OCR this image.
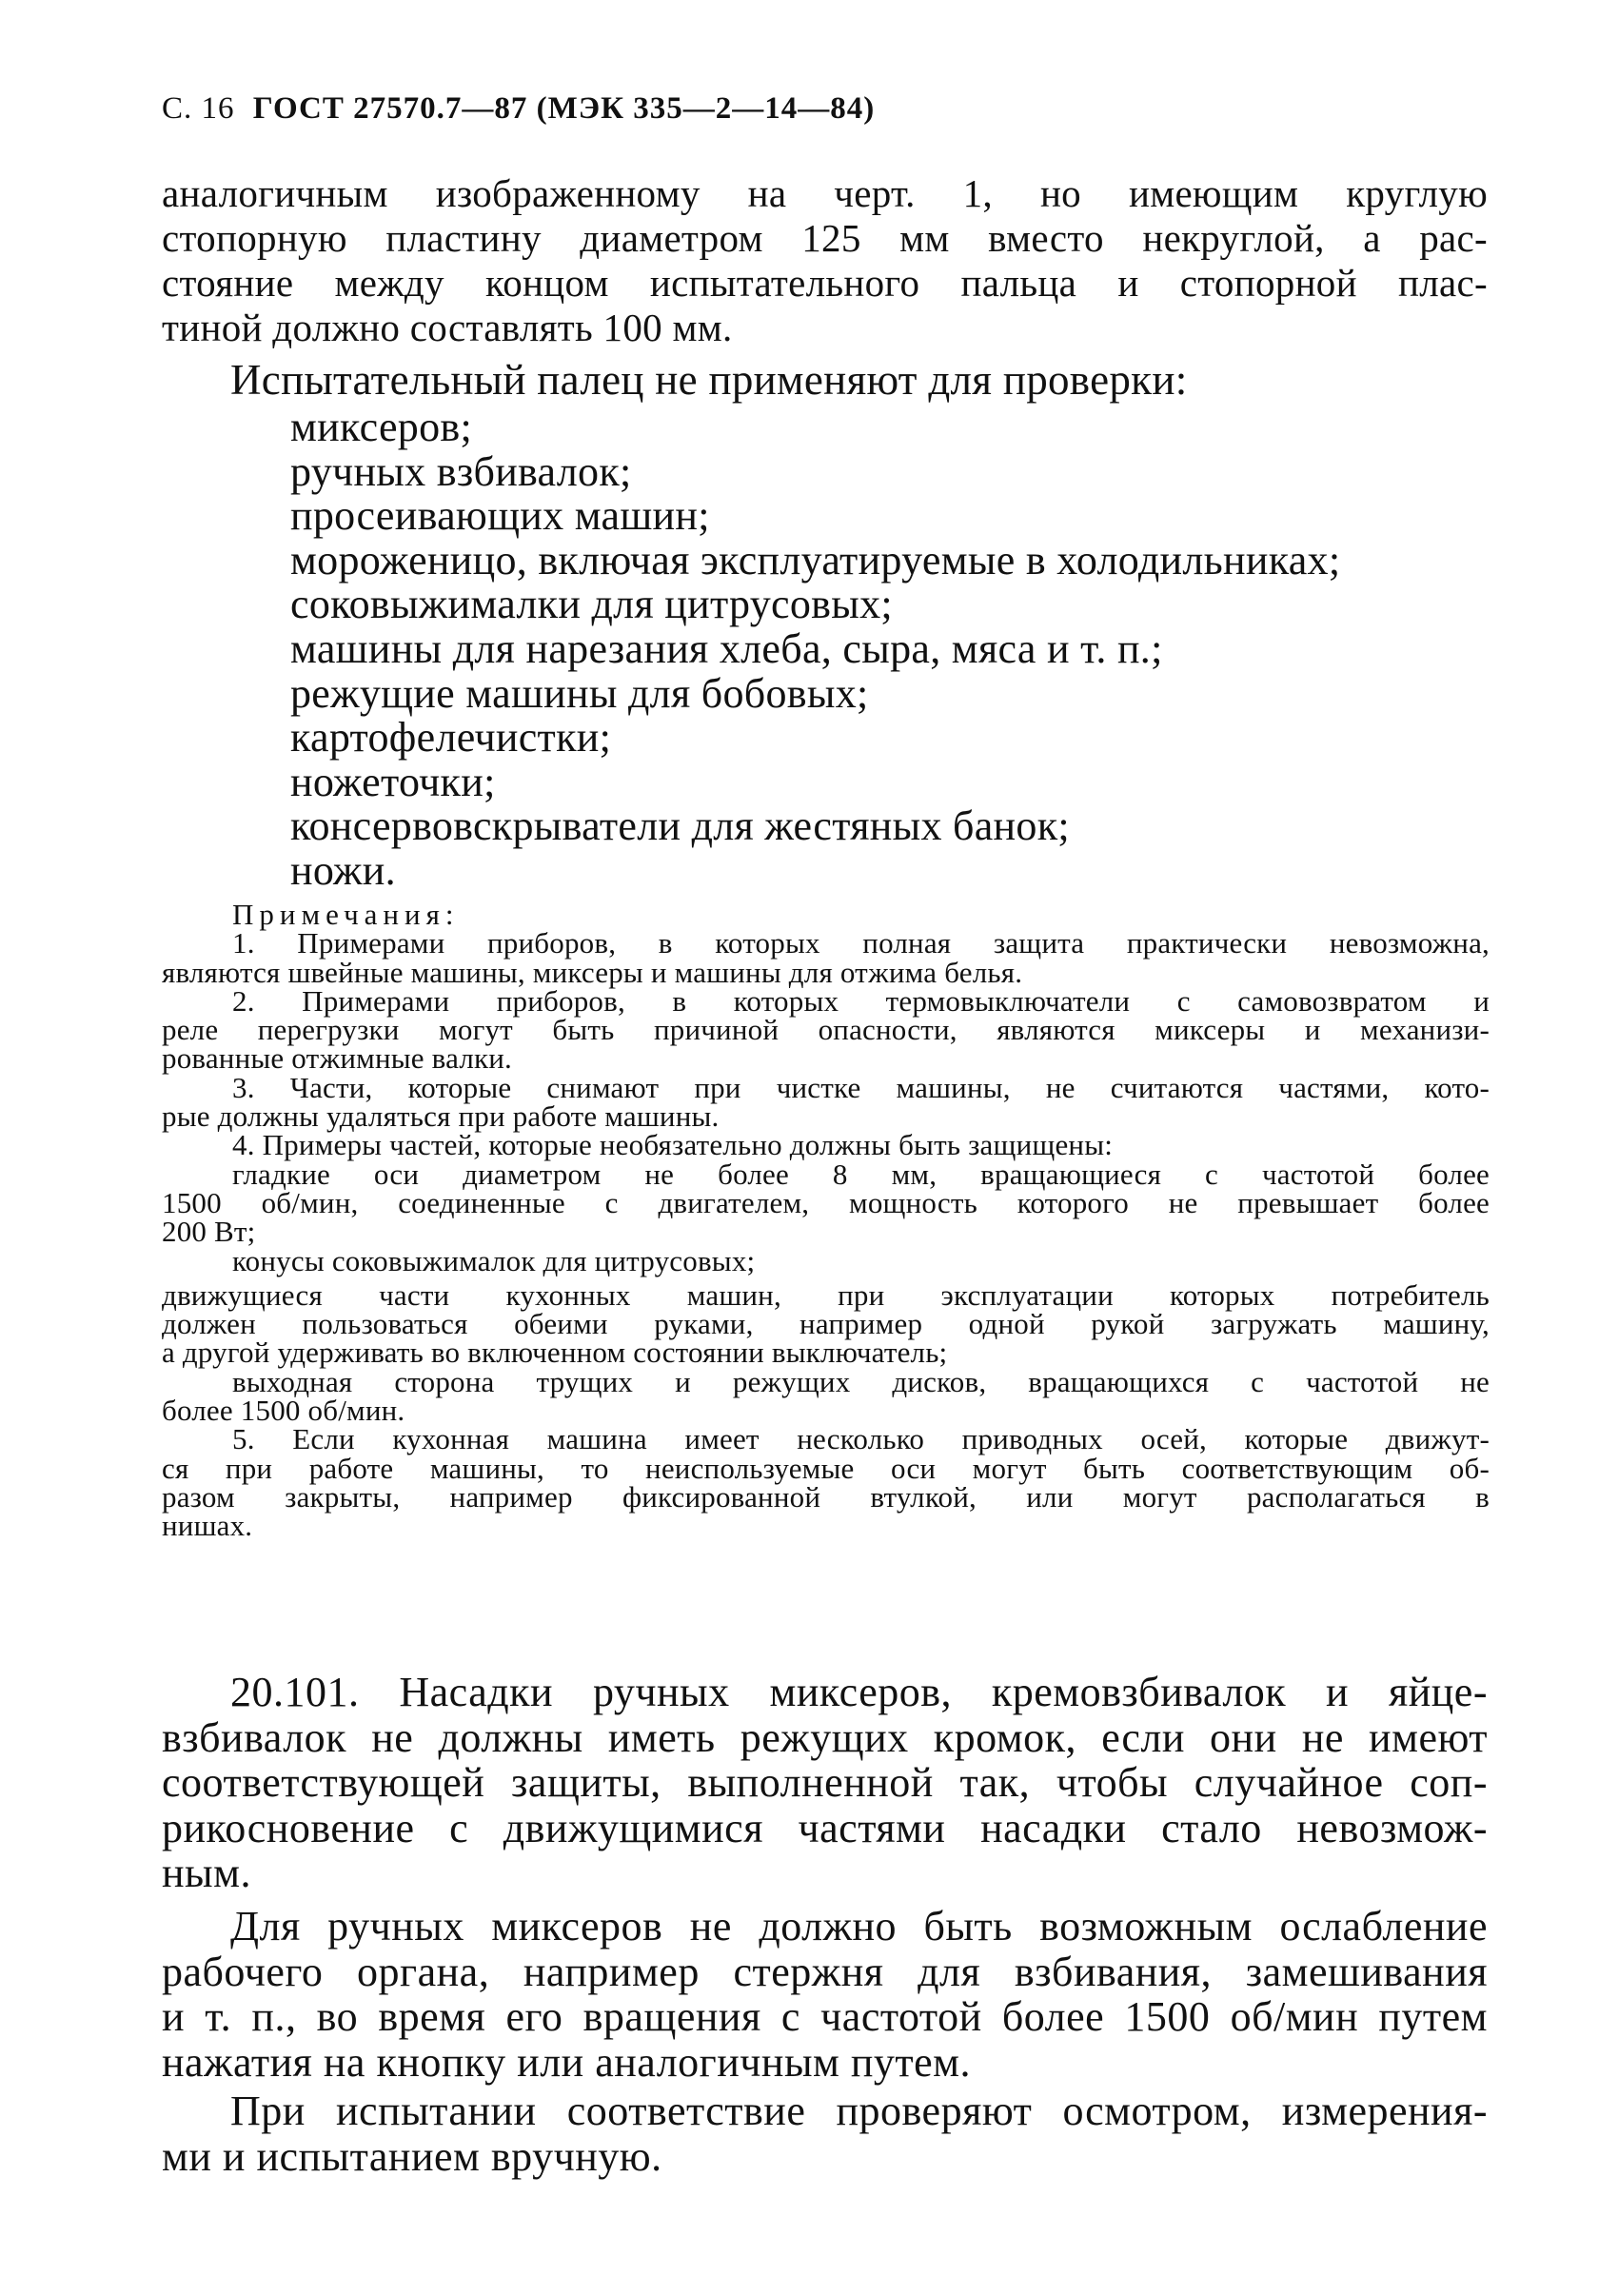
С. 16 ГОСТ 27570.7—87 (МЭК 335—2—14—84)

аналогичным изображенному на черт. 1, но имеющим круглую
стопорную пластину диаметром 125 мм вместо некруглой, а рас-
стояние между концом испытательного пальца и стопорной плас-
тиной должно составлять 100 мм.

Испытательный палец не применяют для проверки:

миксеров;
ручных взбивалок;
просеивающих машин;
мороженицо, включая эксплуатируемые в холодильниках;
соковыжималки для цитрусовых;
машины для нарезания хлеба, сыра, мяса и т. п.;
режущие машины для бобовых;
картофелечистки;
ножеточки;
консервовскрыватели для жестяных банок;
ножи.
Примечания:
1. Примерами приборов, в которых полная защита практически невозможна,
являются швейные машины, миксеры и машины для отжима белья.
2. Примерами приборов, в которых термовыключатели с самовозвратом и
реле перегрузки могут быть причиной опасности, являются миксеры и механизи-
рованные отжимные валки.
3. Части, которые снимают при чистке машины, не считаются частями, кото-
рые должны удаляться при работе машины.
4. Примеры частей, которые необязательно должны быть защищены:
гладкие оси диаметром не более 8 мм, вращающиеся с частотой более
1500 об/мин, соединенные с двигателем, мощность которого не превышает более
200 Вт;
конусы соковыжималок для цитрусовых;
движущиеся части кухонных машин, при эксплуатации которых потребитель
должен пользоваться обеими руками, например одной рукой загружать машину,
а другой удерживать во включенном состоянии выключатель;
выходная сторона трущих и режущих дисков, вращающихся с частотой не
более 1500 об/мин.
5. Если кухонная машина имеет несколько приводных осей, которые движут-
ся при работе машины, то неиспользуемые оси могут быть соответствующим об-
разом закрыты, например фиксированной втулкой, или могут располагаться в
нишах.
20.101. Насадки ручных миксеров, кремовзбивалок и яйце-
взбивалок не должны иметь режущих кромок, если они не имеют
соответствующей защиты, выполненной так, чтобы случайное соп-
рикосновение с движущимися частями насадки стало невозмож-
ным.
Для ручных миксеров не должно быть возможным ослабление
рабочего органа, например стержня для взбивания, замешивания
и т. п., во время его вращения с частотой более 1500 об/мин путем
нажатия на кнопку или аналогичным путем.
При испытании соответствие проверяют осмотром, измерения-
ми и испытанием вручную.
